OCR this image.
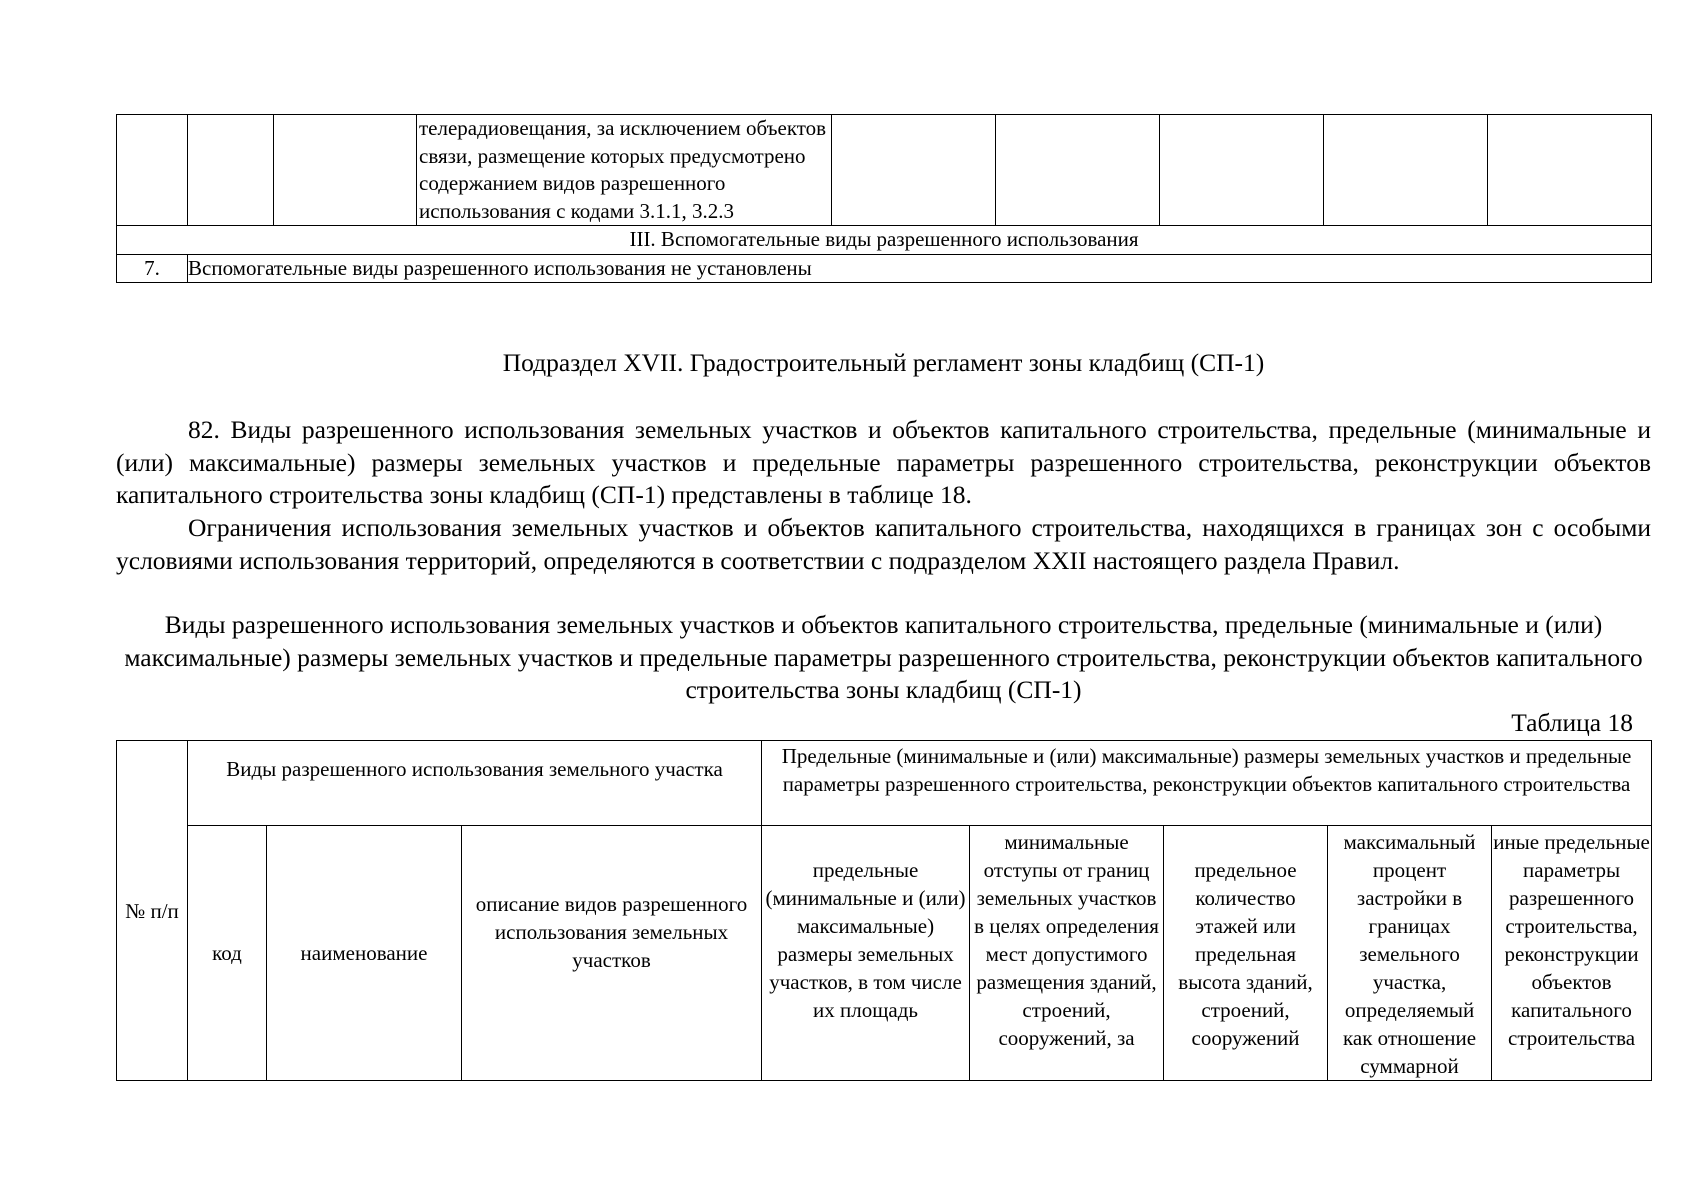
			телерадиовещания, за исключением объектов связи, размещение которых предусмотрено содержанием видов разрешенного использования с кодами 3.1.1, 3.2.3					
III. Вспомогательные виды разрешенного использования								
7.	Вспомогательные виды разрешенного использования не установлены							
Подраздел XVII. Градостроительный регламент зоны кладбищ (СП-1)
82. Виды разрешенного использования земельных участков и объектов капитального строительства, предельные (минимальные и (или) максимальные) размеры земельных участков и предельные параметры разрешенного строительства, реконструкции объектов капитального строительства зоны кладбищ (СП-1) представлены в таблице 18.
Ограничения использования земельных участков и объектов капитального строительства, находящихся в границах зон с особыми условиями использования территорий, определяются в соответствии с подразделом XXII настоящего раздела Правил.
Виды разрешенного использования земельных участков и объектов капитального строительства, предельные (минимальные и (или) максимальные) размеры земельных участков и предельные параметры разрешенного строительства, реконструкции объектов капитального строительства зоны кладбищ (СП-1)
Таблица 18
№ п/п	Виды разрешенного использования земельного участка			Предельные (минимальные и (или) максимальные) размеры земельных участков и предельные параметры разрешенного строительства, реконструкции объектов капитального строительства				
	код	наименование	описание видов разрешенного использования земельных участков	предельные (минимальные и (или) максимальные) размеры земельных участков, в том числе их площадь	минимальные отступы от границ земельных участков в целях определения мест допустимого размещения зданий, строений, сооружений, за	предельное количество этажей или предельная высота зданий, строений, сооружений	максимальный процент застройки в границах земельного участка, определяемый как отношение суммарной	иные предельные параметры разрешенного строительства, реконструкции объектов капитального строительства
